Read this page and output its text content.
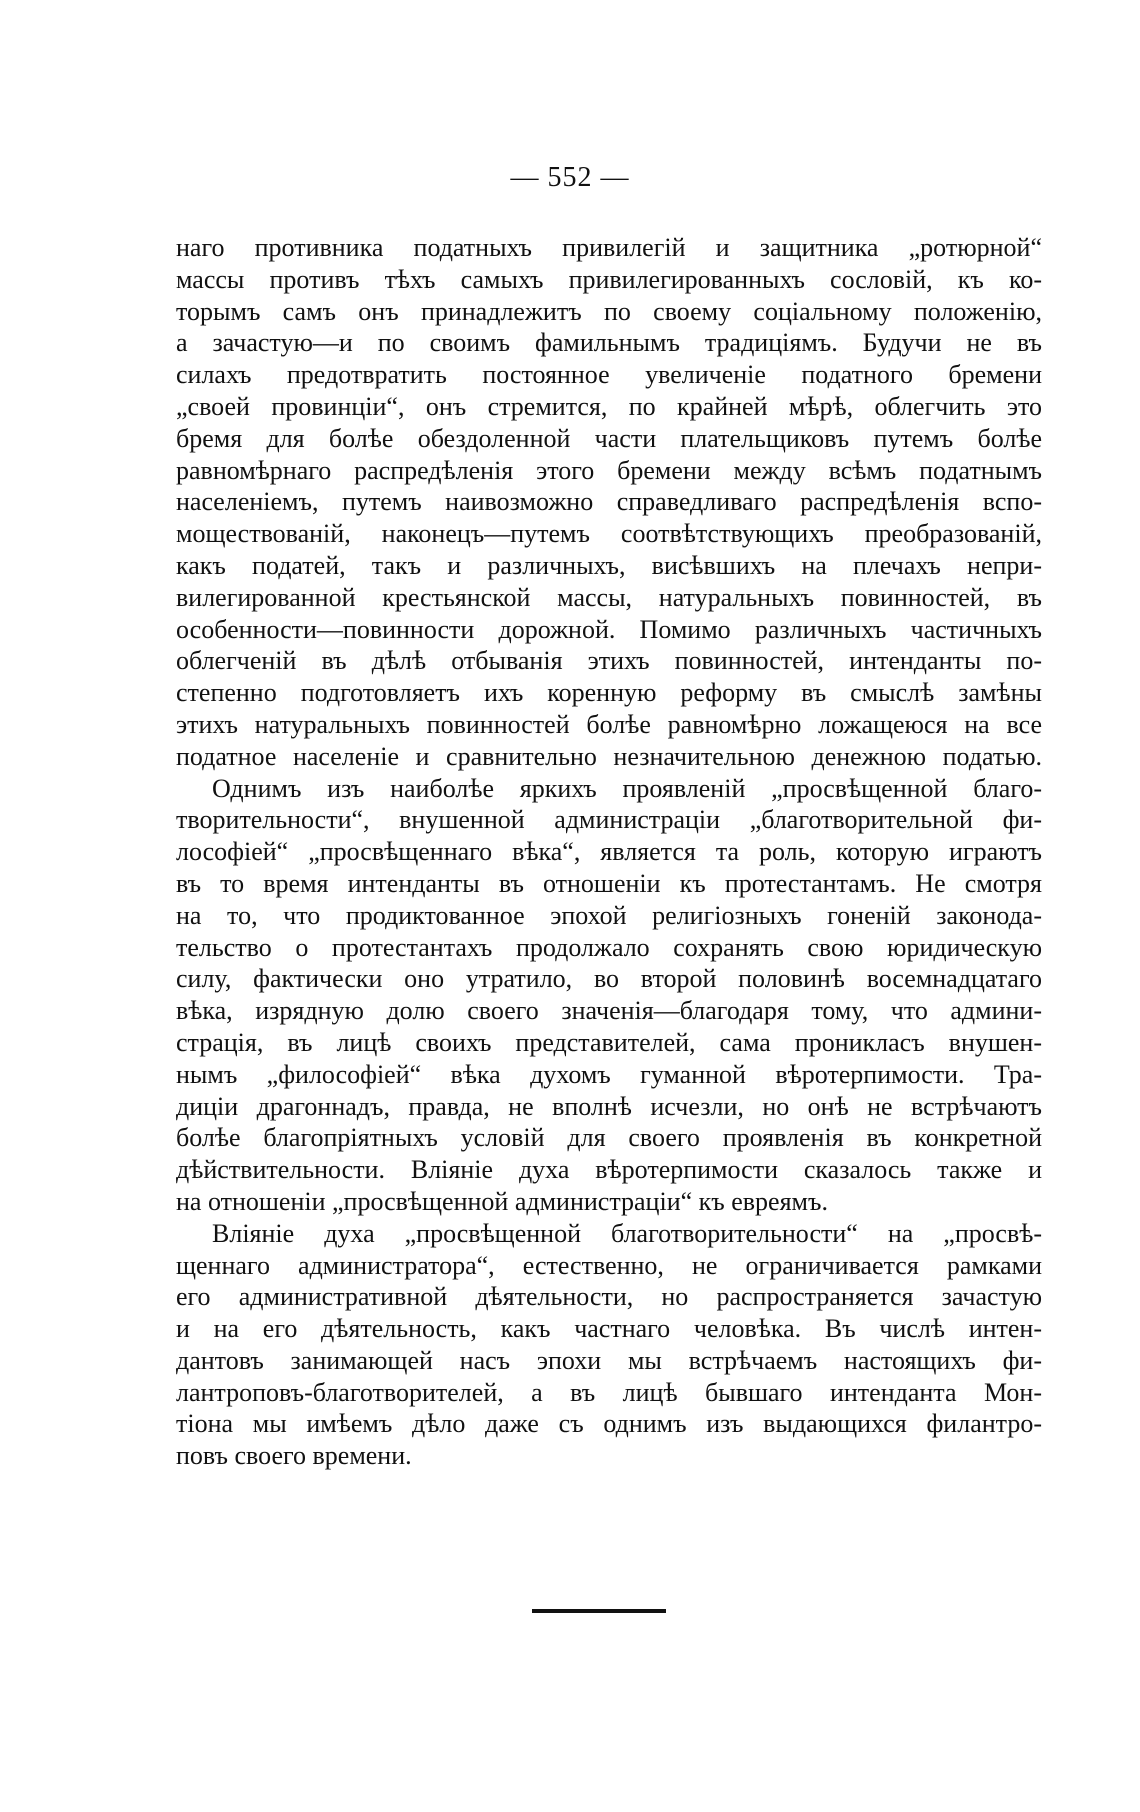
— 552 —

наго противника податныхъ привилегій и защитника „ротюрной“
массы противъ тѣхъ самыхъ привилегированныхъ сословій, къ ко-
торымъ самъ онъ принадлежитъ по своему соціальному положенію,
а зачастую—и по своимъ фамильнымъ традиціямъ. Будучи не въ
силахъ предотвратить постоянное увеличеніе податного бремени
„своей провинціи“, онъ стремится, по крайней мѣрѣ, облегчить это
бремя для болѣе обездоленной части плательщиковъ путемъ болѣе
равномѣрнаго распредѣленія этого бремени между всѣмъ податнымъ
населеніемъ, путемъ наивозможно справедливаго распредѣленія вспо-
мoществованій, наконецъ—путемъ соотвѣтствующихъ преобразованій,
какъ податей, такъ и различныхъ, висѣвшихъ на плечахъ непри-
вилегированной крестьянской массы, натуральныхъ повинностей, въ
особенности—повинности дорожной. Помимо различныхъ частичныхъ
облегченій въ дѣлѣ отбыванія этихъ повинностей, интенданты по-
степенно подготовляетъ ихъ коренную реформу въ смыслѣ замѣны
этихъ натуральныхъ повинностей болѣе равномѣрно ложащеюся на все
податное населеніе и сравнительно незначительною денежною податью.

Однимъ изъ наиболѣе яркихъ проявленій „просвѣщенной благо-
творительности“, внушенной администраціи „благотворительной фи-
лософіей“ „просвѣщеннаго вѣка“, является та роль, которую играютъ
въ то время интенданты въ отношеніи къ протестантамъ. Не смотря
на то, что продиктованное эпохой религіозныхъ гоненій законода-
тельство о протестантахъ продолжало сохранять свою юридическую
силу, фактически оно утратило, во второй половинѣ восемнадцатаго
вѣка, изрядную долю своего значенія—благодаря тому, что админи-
страція, въ лицѣ своихъ представителей, сама проникласъ внушен-
нымъ „философіей“ вѣка духомъ гуманной вѣротерпимости. Тра-
диціи драгоннадъ, правда, не вполнѣ исчезли, но онѣ не встрѣчаютъ
болѣе благопріятныхъ условій для своего проявленія въ конкретной
дѣйствительности. Вліяніе духа вѣротерпимости сказалось также и
на отношеніи „просвѣщенной администраціи“ къ евреямъ.

Вліяніе духа „просвѣщенной благотворительности“ на „просвѣ-
щеннаго администратора“, естественно, не ограничивается рамками
его административной дѣятельности, но распространяется зачастую
и на его дѣятельность, какъ частнаго человѣка. Въ числѣ интен-
дантовъ занимающей насъ эпохи мы встрѣчаемъ настоящихъ фи-
лантроповъ-благотворителей, а въ лицѣ бывшаго интенданта Мон-
тіона мы имѣемъ дѣло даже съ однимъ изъ выдающихся филантро-
повъ своего времени.
